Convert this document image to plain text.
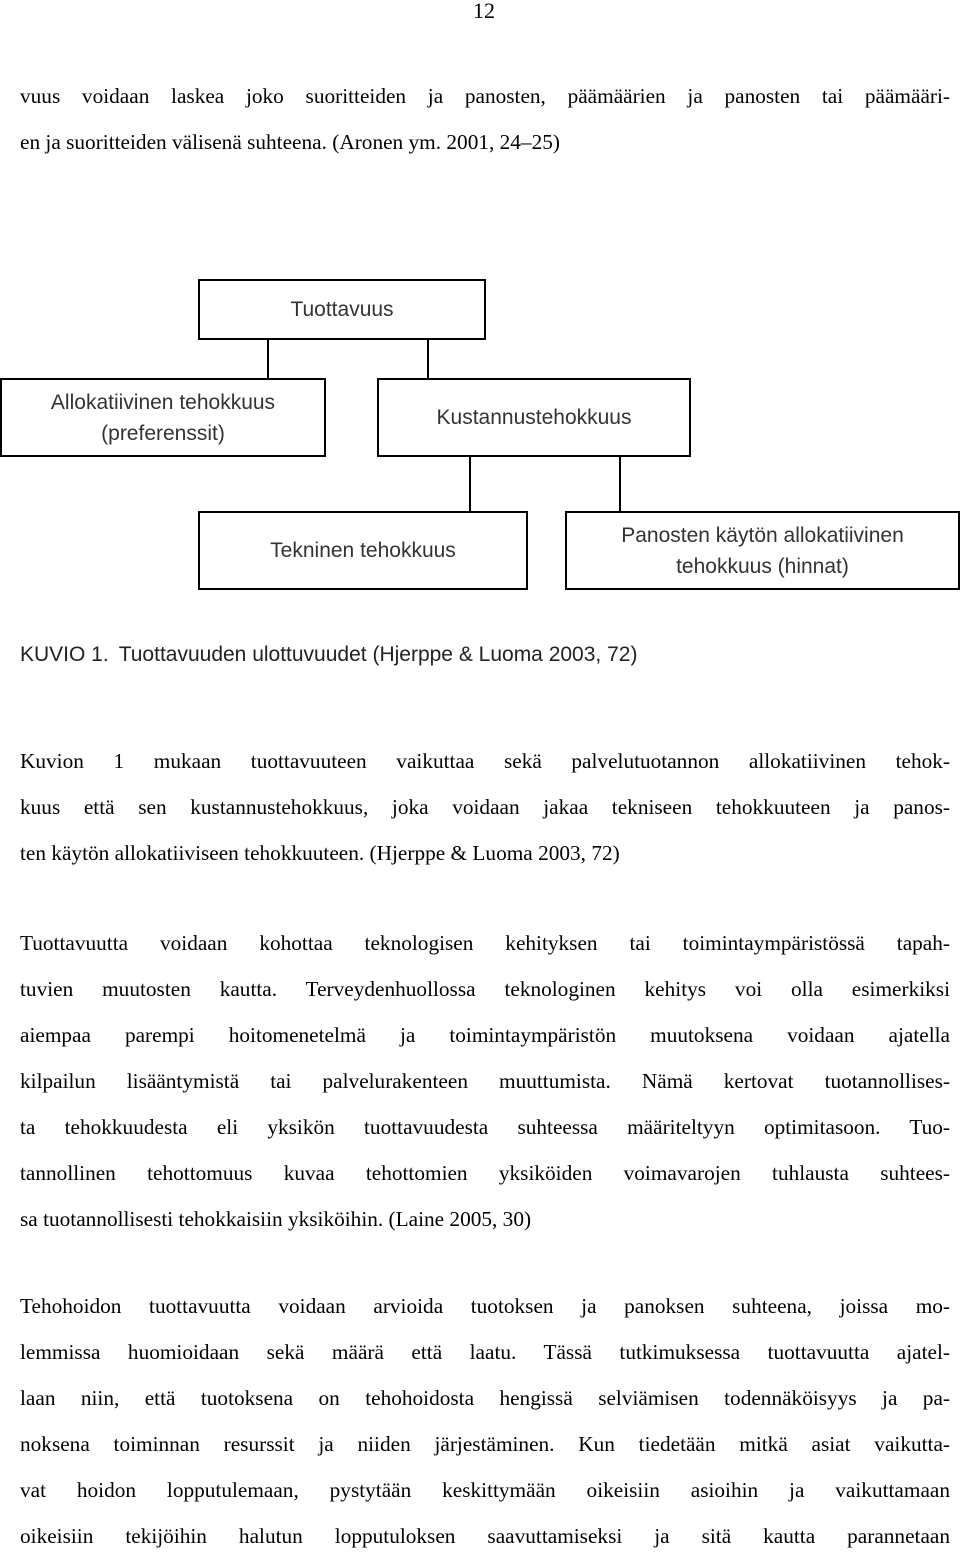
12
vuus voidaan laskea joko suoritteiden ja panosten, päämäärien ja panosten tai päämääri-
en ja suoritteiden välisenä suhteena. (Aronen ym. 2001, 24–25)
Tuottavuus
Allokatiivinen tehokkuus
(preferenssit)
Kustannustehokkuus
Tekninen tehokkuus
Panosten käytön allokatiivinen
tehokkuus (hinnat)
KUVIO 1. Tuottavuuden ulottuvuudet (Hjerppe & Luoma 2003, 72)
Kuvion 1 mukaan tuottavuuteen vaikuttaa sekä palvelutuotannon allokatiivinen tehok-
kuus että sen kustannustehokkuus, joka voidaan jakaa tekniseen tehokkuuteen ja panos-
ten käytön allokatiiviseen tehokkuuteen. (Hjerppe & Luoma 2003, 72)
Tuottavuutta voidaan kohottaa teknologisen kehityksen tai toimintaympäristössä tapah-
tuvien muutosten kautta. Terveydenhuollossa teknologinen kehitys voi olla esimerkiksi
aiempaa parempi hoitomenetelmä ja toimintaympäristön muutoksena voidaan ajatella
kilpailun lisääntymistä tai palvelurakenteen muuttumista. Nämä kertovat tuotannollises-
ta tehokkuudesta eli yksikön tuottavuudesta suhteessa määriteltyyn optimitasoon. Tuo-
tannollinen tehottomuus kuvaa tehottomien yksiköiden voimavarojen tuhlausta suhtees-
sa tuotannollisesti tehokkaisiin yksiköihin. (Laine 2005, 30)
Tehohoidon tuottavuutta voidaan arvioida tuotoksen ja panoksen suhteena, joissa mo-
lemmissa huomioidaan sekä määrä että laatu. Tässä tutkimuksessa tuottavuutta ajatel-
laan niin, että tuotoksena on tehohoidosta hengissä selviämisen todennäköisyys ja pa-
noksena toiminnan resurssit ja niiden järjestäminen. Kun tiedetään mitkä asiat vaikutta-
vat hoidon lopputulemaan, pystytään keskittymään oikeisiin asioihin ja vaikuttamaan
oikeisiin tekijöihin halutun lopputuloksen saavuttamiseksi ja sitä kautta parannetaan
